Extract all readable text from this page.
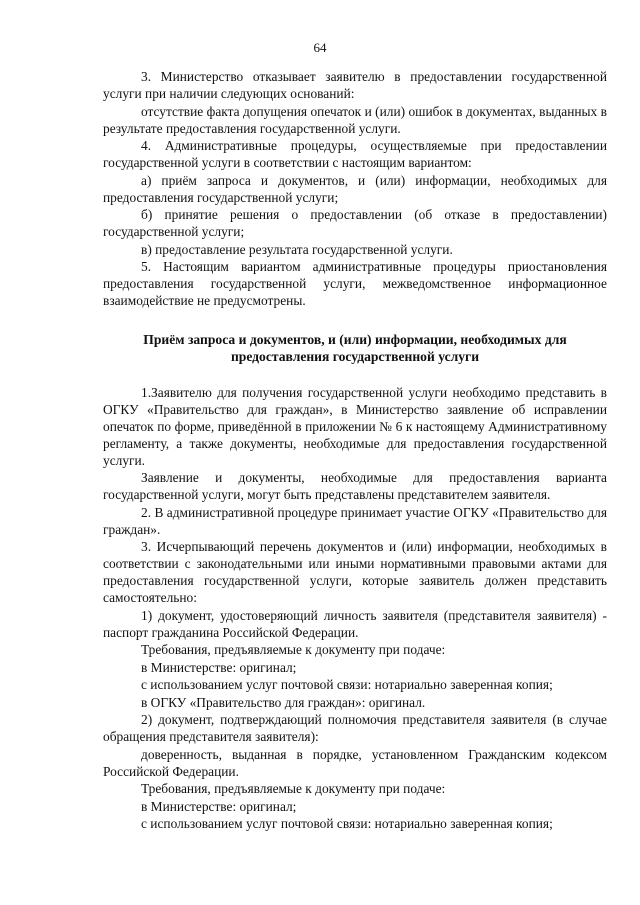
64

3. Министерство отказывает заявителю в предоставлении государственной услуги при наличии следующих оснований:

отсутствие факта допущения опечаток и (или) ошибок в документах, выданных в результате предоставления государственной услуги.

4. Административные процедуры, осуществляемые при предоставлении государственной услуги в соответствии с настоящим вариантом:

а) приём запроса и документов, и (или) информации, необходимых для предоставления государственной услуги;

б) принятие решения о предоставлении (об отказе в предоставлении) государственной услуги;

в) предоставление результата государственной услуги.

5. Настоящим вариантом административные процедуры приостановления предоставления государственной услуги, межведомственное информационное взаимодействие не предусмотрены.

Приём запроса и документов, и (или) информации, необходимых для предоставления государственной услуги

1.Заявителю для получения государственной услуги необходимо представить в ОГКУ «Правительство для граждан», в Министерство заявление об исправлении опечаток по форме, приведённой в приложении № 6 к настоящему Административному регламенту, а также документы, необходимые для предоставления государственной услуги.

Заявление и документы, необходимые для предоставления варианта государственной услуги, могут быть представлены представителем заявителя.

2. В административной процедуре принимает участие ОГКУ «Правительство для граждан».

3. Исчерпывающий перечень документов и (или) информации, необходимых в соответствии с законодательными или иными нормативными правовыми актами для предоставления государственной услуги, которые заявитель должен представить самостоятельно:

1) документ, удостоверяющий личность заявителя (представителя заявителя) - паспорт гражданина Российской Федерации.

Требования, предъявляемые к документу при подаче:

в Министерстве: оригинал;

с использованием услуг почтовой связи: нотариально заверенная копия;

в ОГКУ «Правительство для граждан»: оригинал.

2) документ, подтверждающий полномочия представителя заявителя (в случае обращения представителя заявителя):

доверенность, выданная в порядке, установленном Гражданским кодексом Российской Федерации.

Требования, предъявляемые к документу при подаче:

в Министерстве: оригинал;

с использованием услуг почтовой связи: нотариально заверенная копия;
